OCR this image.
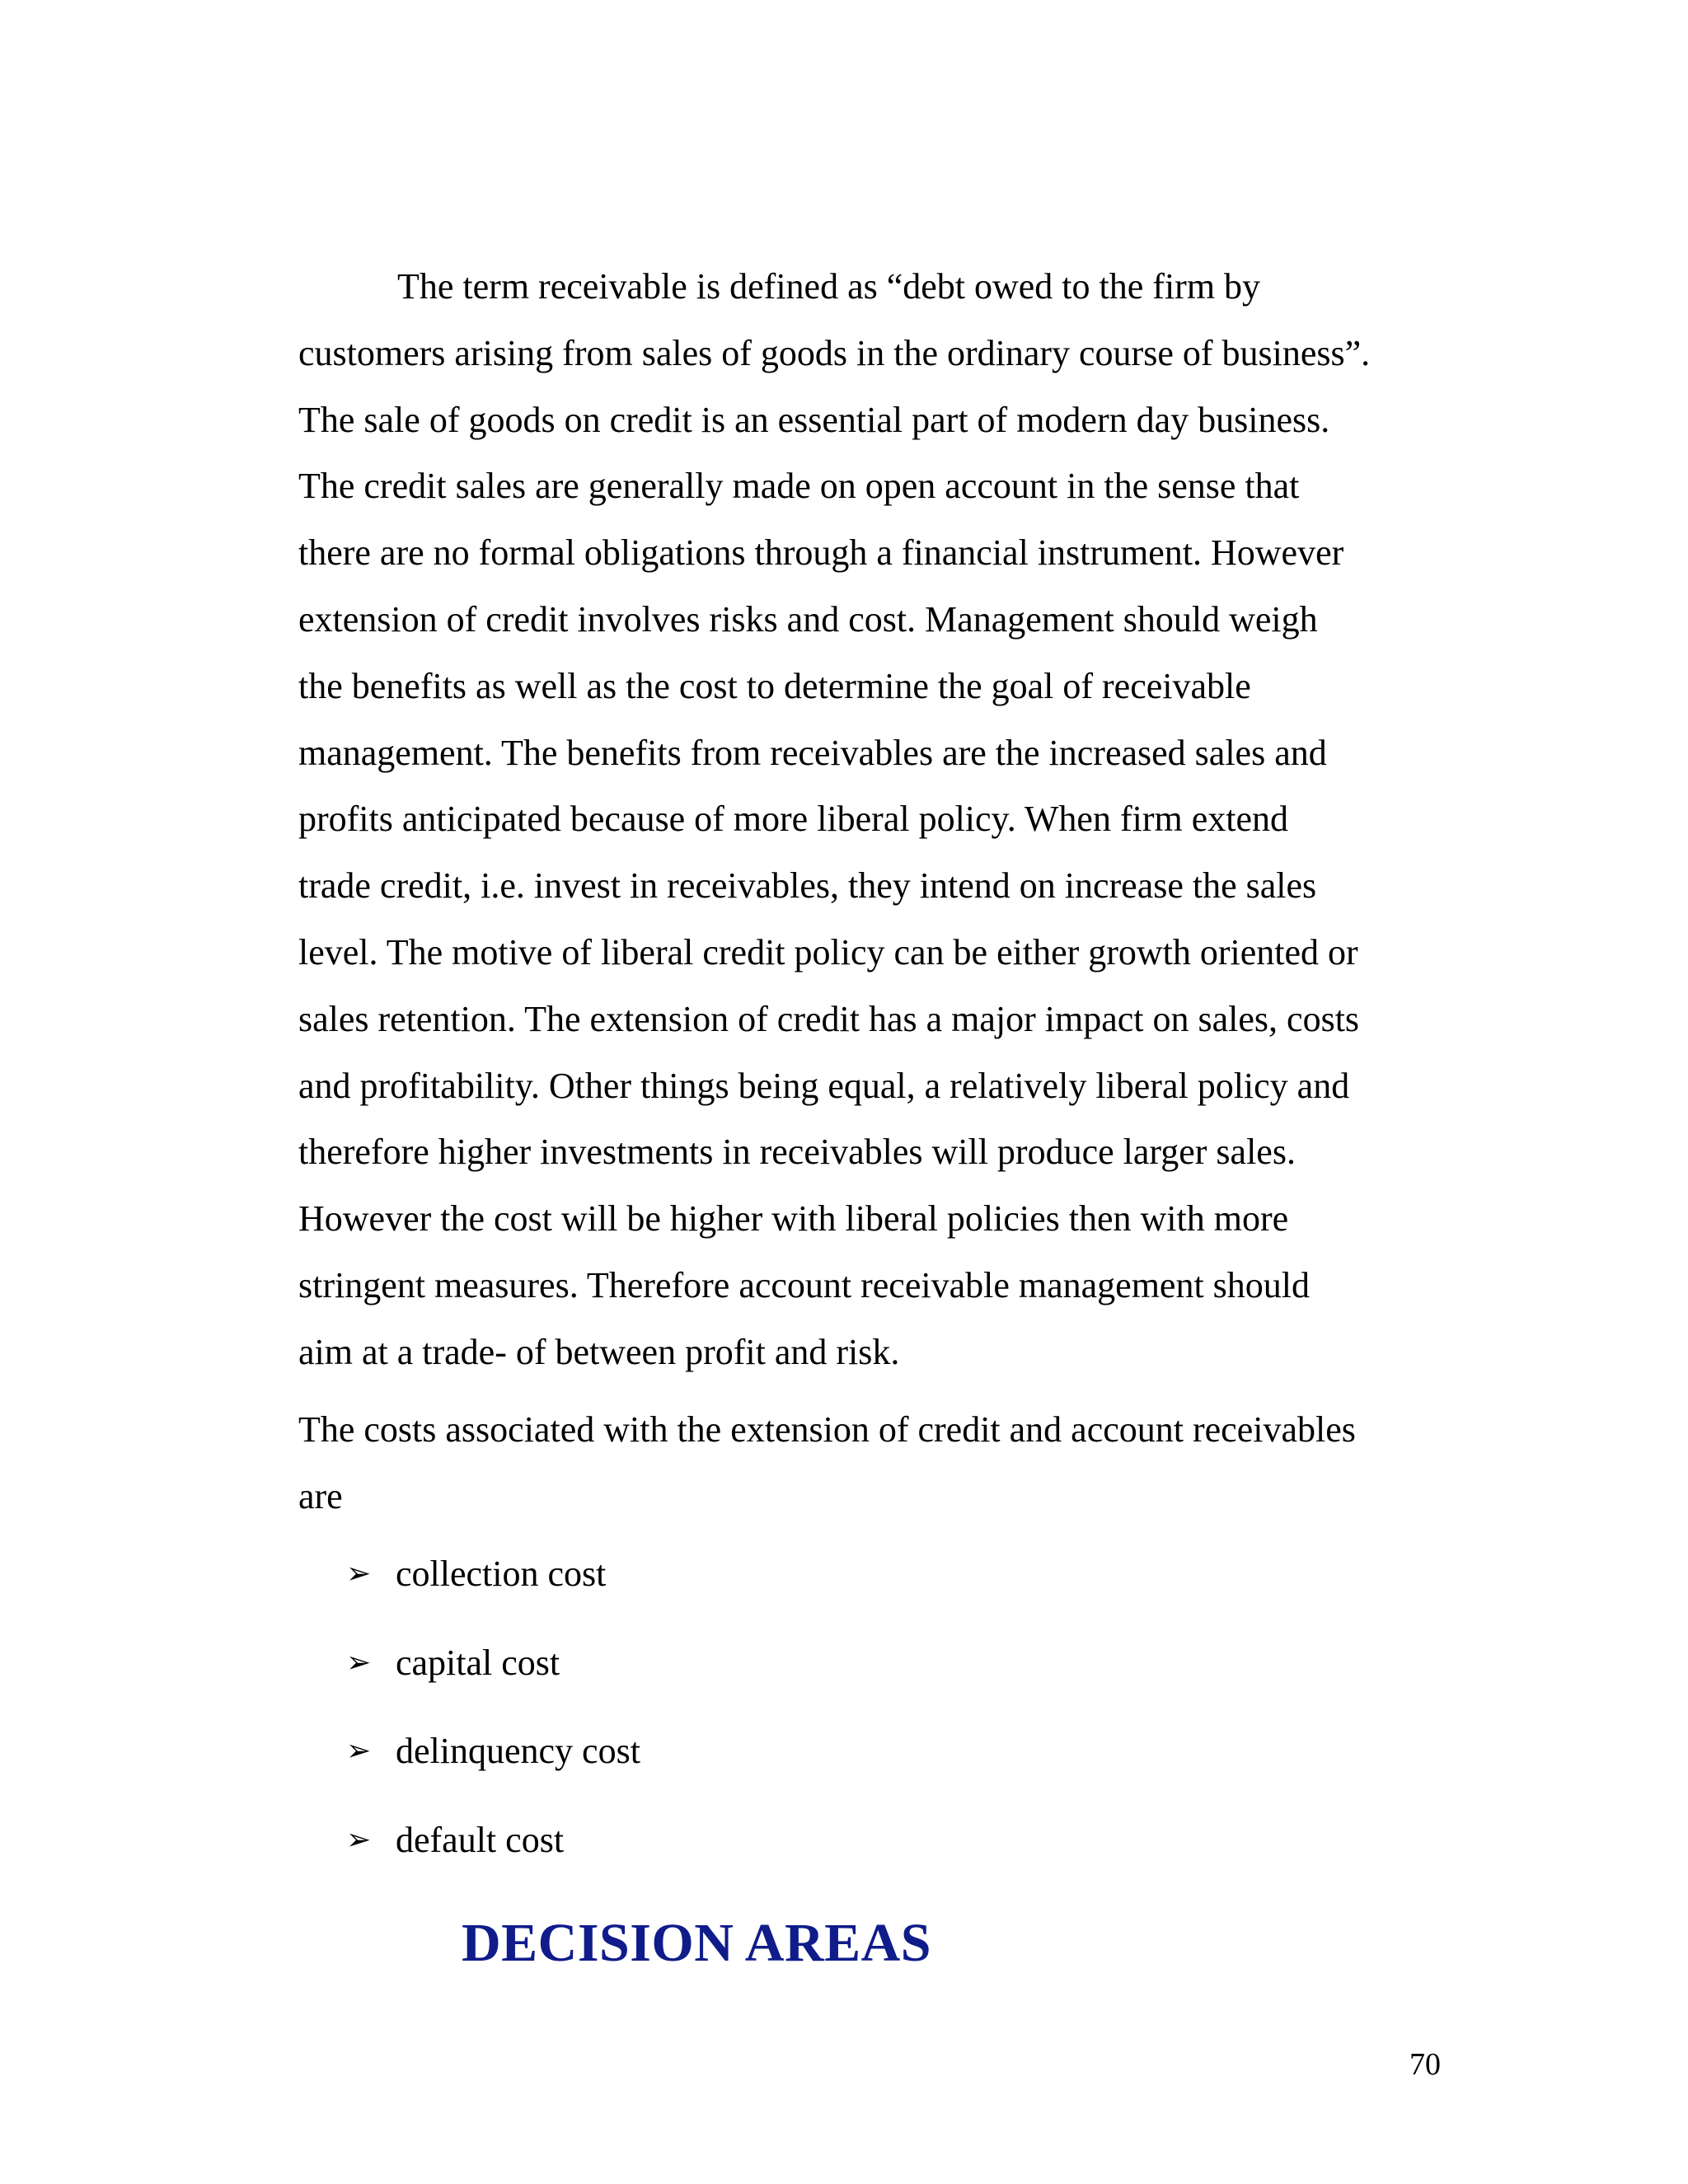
The term receivable is defined as “debt owed to the firm by
customers arising from sales of goods in the ordinary course of business”.
The sale of goods on credit is an essential part of modern day business.
The credit sales are generally made on open account in the sense that
there are no formal obligations through a financial instrument. However
extension of credit involves risks and cost. Management should weigh
the benefits as well as the cost to determine the goal of receivable
management. The benefits from receivables are the increased sales and
profits anticipated because of more liberal policy. When firm extend
trade credit, i.e. invest in receivables, they intend on increase the sales
level. The motive of liberal credit policy can be either growth oriented or
sales retention. The extension of credit has a major impact on sales, costs
and profitability. Other things being equal, a relatively liberal policy and
therefore higher investments in receivables will produce larger sales.
However the cost will be higher with liberal policies then with more
stringent measures. Therefore account receivable management should
aim at a trade- of between profit and risk.
The costs associated with the extension of credit and account receivables
are
➢ collection cost
➢ capital cost
➢ delinquency cost
➢ default cost
DECISION AREAS
70
